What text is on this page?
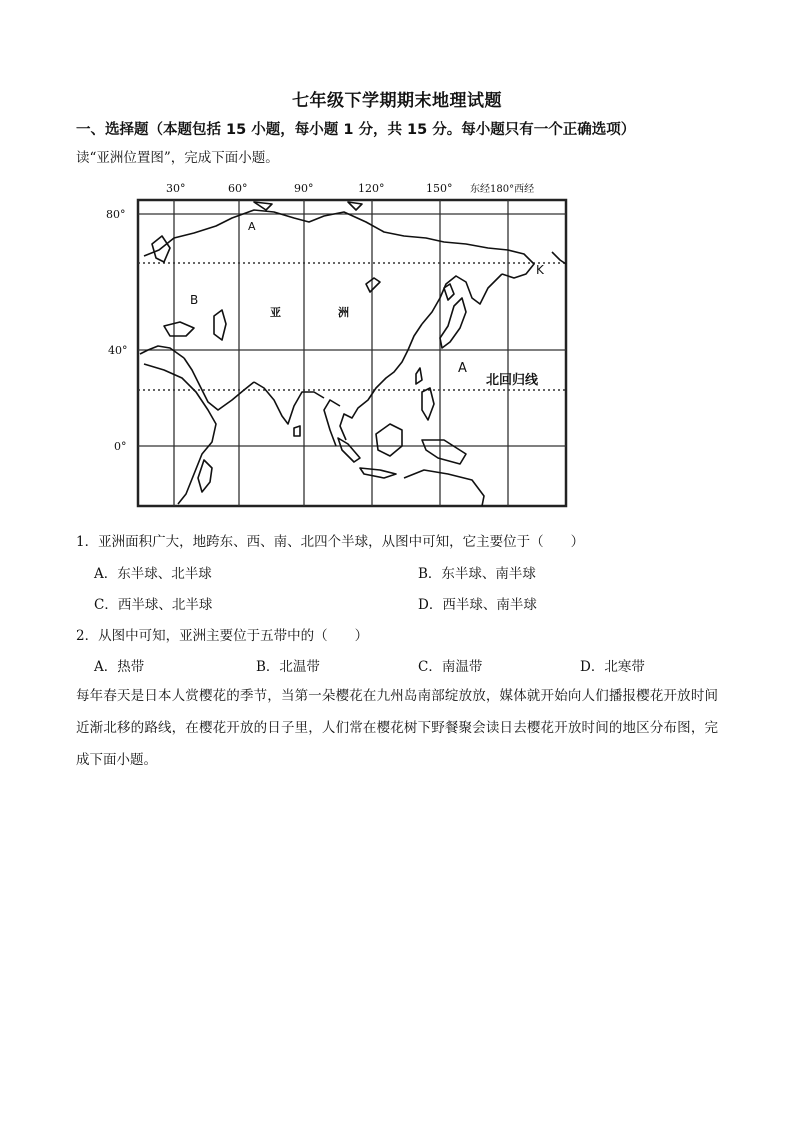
七年级下学期期末地理试题
一、选择题（本题包括 15 小题，每小题 1 分，共 15 分。每小题只有一个正确选项）
读“亚洲位置图”，完成下面小题。
30°	60°	90°	120°	150° 东经180°西经
80°
40°
0°
A
B
K
亚	洲
A
北回归线
1．亚洲面积广大，地跨东、西、南、北四个半球，从图中可知，它主要位于（　　）
A．东半球、北半球	B．东半球、南半球
C．西半球、北半球	D．西半球、南半球
2．从图中可知，亚洲主要位于五带中的（　　）
A．热带	B．北温带	C．南温带	D．北寒带
每年春天是日本人赏樱花的季节，当第一朵樱花在九州岛南部绽放放，媒体就开始向人们播报樱花开放时间近渐北移的路线，在樱花开放的日子里，人们常在樱花树下野餐聚会读日去樱花开放时间的地区分布图，完成下面小题。
